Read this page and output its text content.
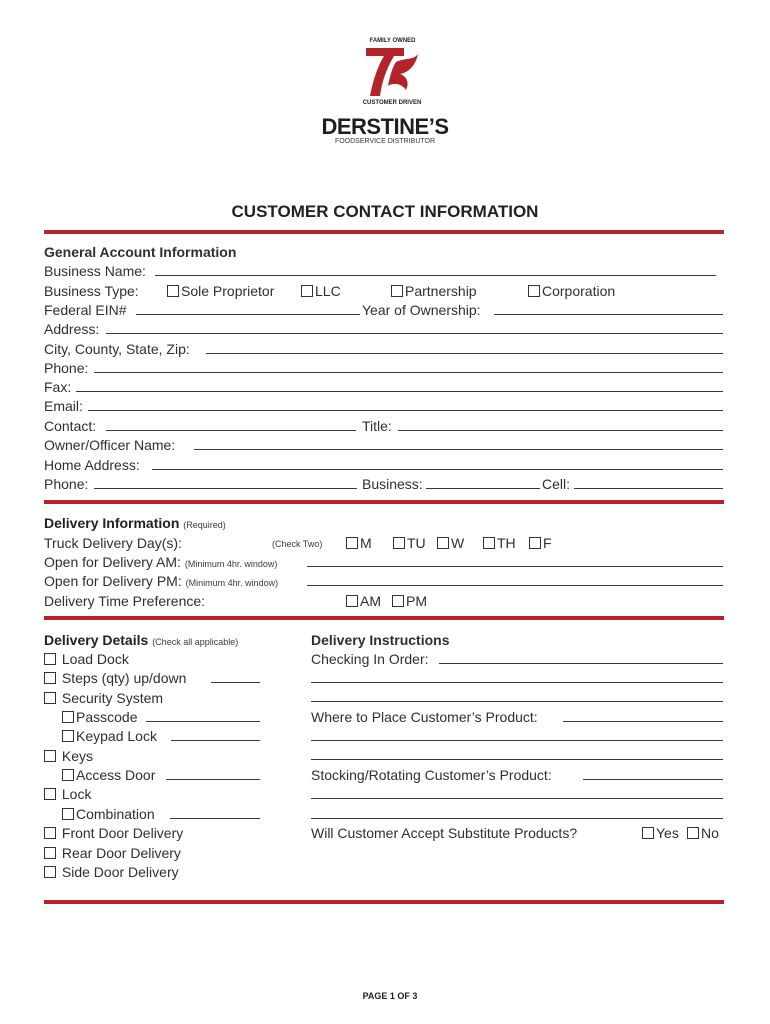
FAMILY OWNED
CUSTOMER DRIVEN
DERSTINE’S
FOODSERVICE DISTRIBUTOR
CUSTOMER CONTACT INFORMATION
General Account Information
Business Name:
Business Type:	Sole Proprietor	LLC	Partnership	Corporation
Federal EIN#	Year of Ownership:
Address:
City, County, State, Zip:
Phone:
Fax:
Email:
Contact:	Title:
Owner/Officer Name:
Home Address:
Phone:	Business:	Cell:
Delivery Information (Required)
Truck Delivery Day(s):	(Check Two)	M	TU	W	TH	F
Open for Delivery AM: (Minimum 4hr. window)
Open for Delivery PM: (Minimum 4hr. window)
Delivery Time Preference:	AM	PM
Delivery Details (Check all applicable)
Load Dock
Steps (qty) up/down
Security System
Passcode
Keypad Lock
Keys
Access Door
Lock
Combination
Front Door Delivery
Rear Door Delivery
Side Door Delivery
Delivery Instructions
Checking In Order:
Where to Place Customer’s Product:
Stocking/Rotating Customer’s Product:
Will Customer Accept Substitute Products?	Yes	No
PAGE 1 OF 3
